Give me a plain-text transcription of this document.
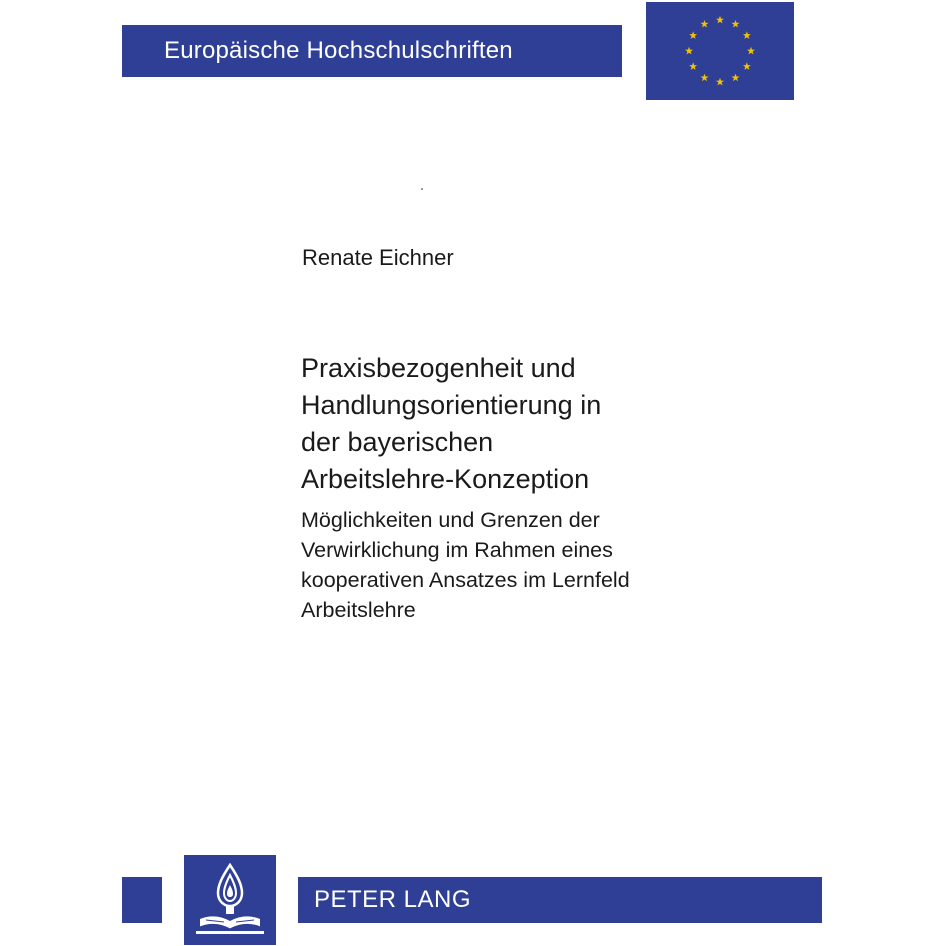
Europäische Hochschulschriften
Renate Eichner
Praxisbezogenheit und
Handlungsorientierung in
der bayerischen
Arbeitslehre-Konzeption

Möglichkeiten und Grenzen der
Verwirklichung im Rahmen eines
kooperativen Ansatzes im Lernfeld
Arbeitslehre

PETER LANG
